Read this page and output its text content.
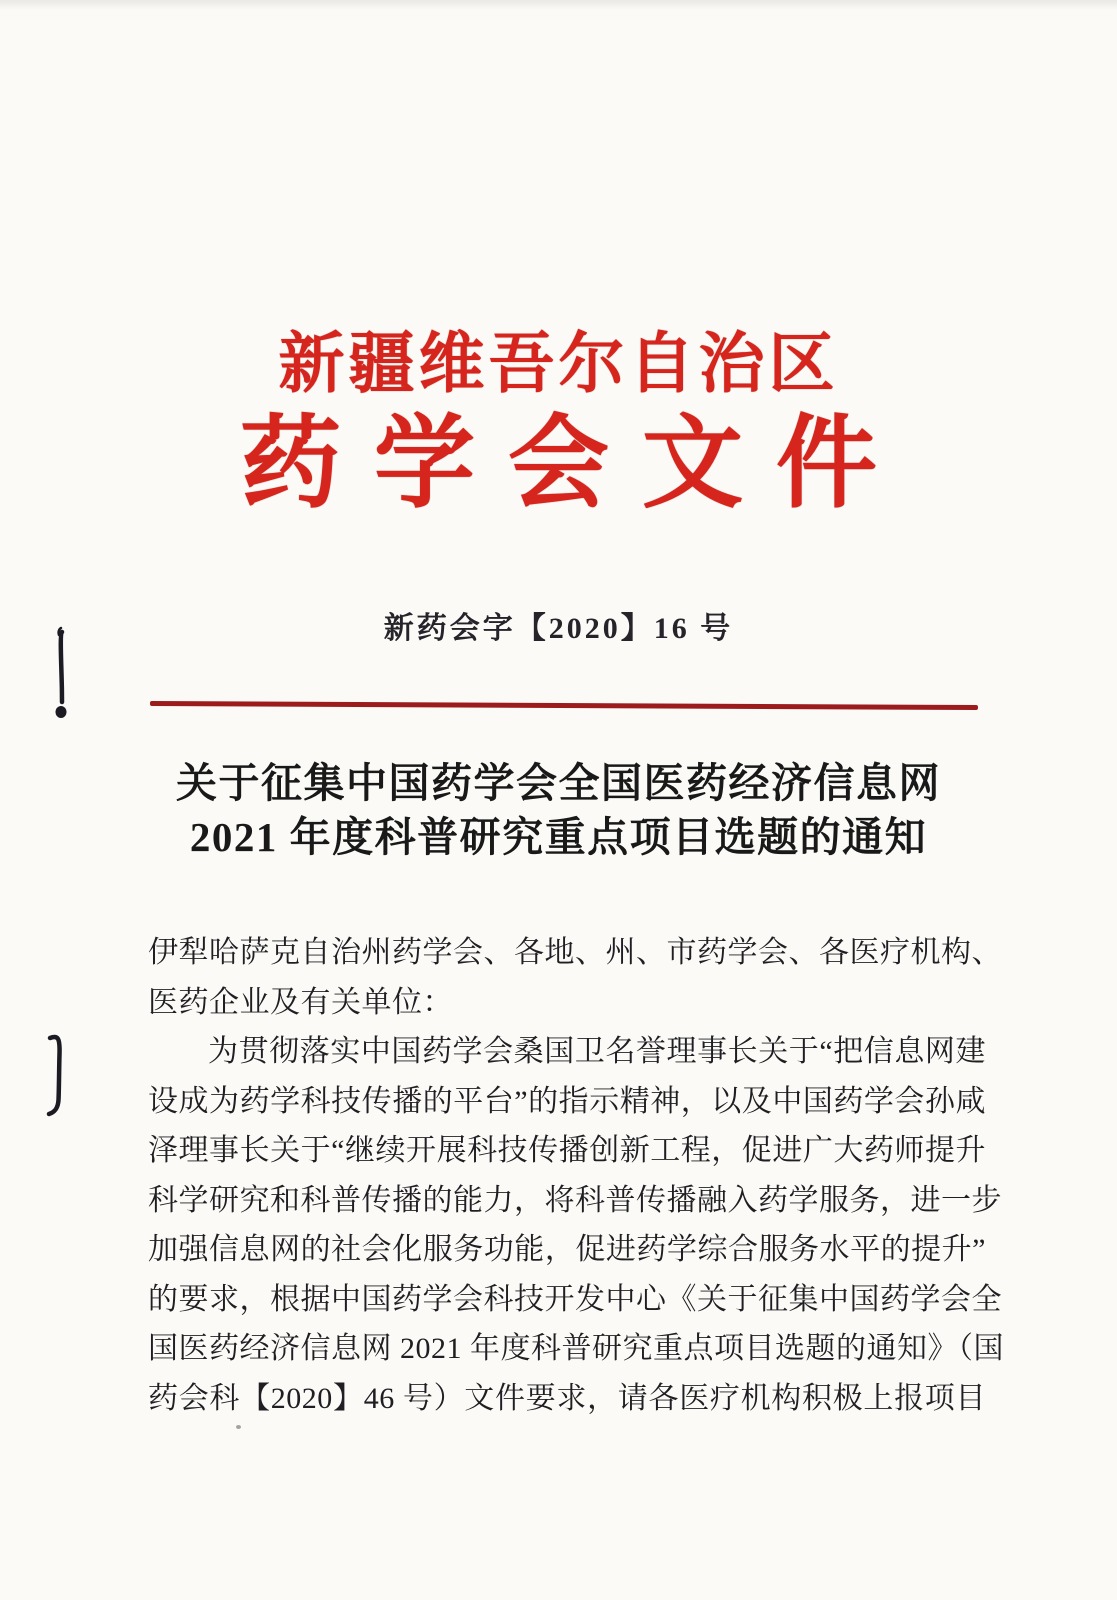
新疆维吾尔自治区
药学会文件
新药会字【2020】16 号
关于征集中国药学会全国医药经济信息网
2021 年度科普研究重点项目选题的通知
伊犁哈萨克自治州药学会、各地、州、市药学会、各医疗机构、
医药企业及有关单位：
为贯彻落实中国药学会桑国卫名誉理事长关于“把信息网建
设成为药学科技传播的平台”的指示精神，以及中国药学会孙咸
泽理事长关于“继续开展科技传播创新工程，促进广大药师提升
科学研究和科普传播的能力，将科普传播融入药学服务，进一步
加强信息网的社会化服务功能，促进药学综合服务水平的提升”
的要求，根据中国药学会科技开发中心《关于征集中国药学会全
国医药经济信息网 2021 年度科普研究重点项目选题的通知》（国
药会科【2020】46 号）文件要求，请各医疗机构积极上报项目
